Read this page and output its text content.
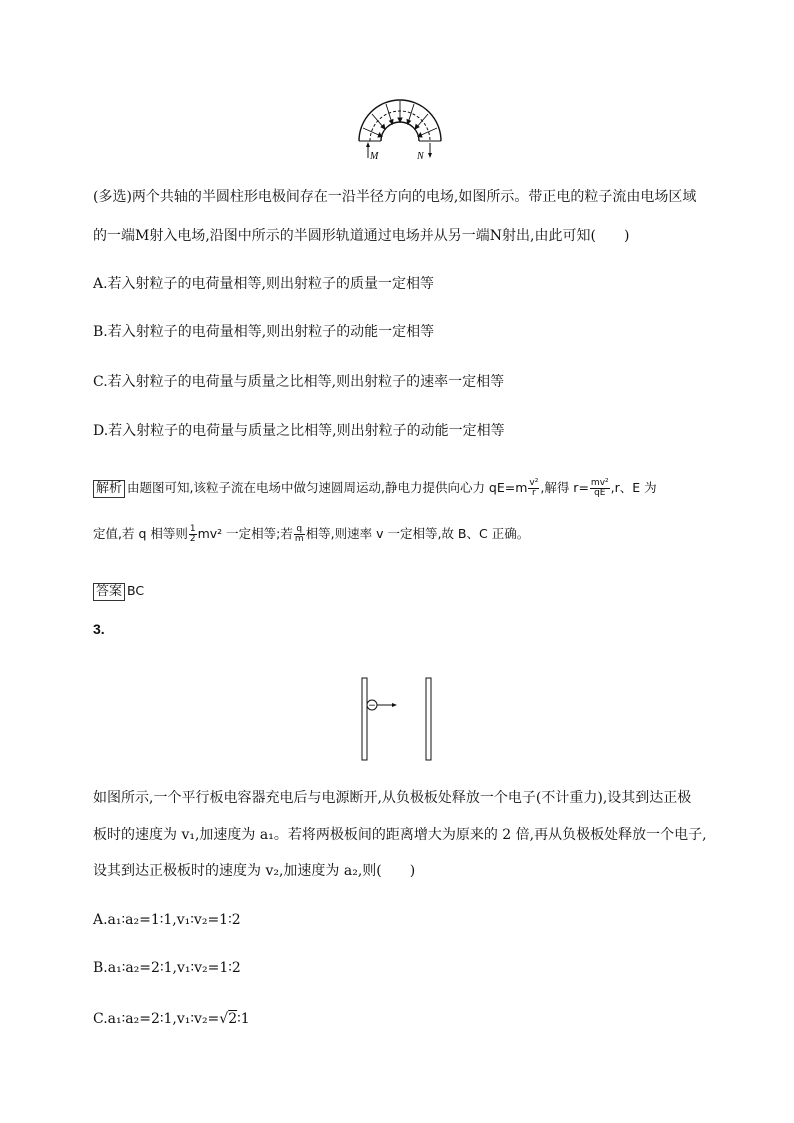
M	N
(多选)两个共轴的半圆柱形电极间存在一沿半径方向的电场,如图所示。带正电的粒子流由电场区域
的一端M射入电场,沿图中所示的半圆形轨道通过电场并从另一端N射出,由此可知(　　)
A.若入射粒子的电荷量相等,则出射粒子的质量一定相等
B.若入射粒子的电荷量相等,则出射粒子的动能一定相等
C.若入射粒子的电荷量与质量之比相等,则出射粒子的速率一定相等
D.若入射粒子的电荷量与质量之比相等,则出射粒子的动能一定相等
解析 由题图可知,该粒子流在电场中做匀速圆周运动,静电力提供向心力 $qE=m \frac{\text{v²}}{r}$ ,解得 $r= \frac{\text{mv²}}{qE} ,r$、E 为
定值,若 q 相等则 $\frac{1}{2} mv^2$ 一定相等;若 $\frac{q}{m}$ 相等,则速率 v 一定相等,故 B、C 正确。
答案 BC
3.
−
如图所示,一个平行板电容器充电后与电源断开,从负极板处释放一个电子(不计重力),设其到达正极
板时的速度为 v₁,加速度为 a₁。若将两极板间的距离增大为原来的 2 倍,再从负极板处释放一个电子,
设其到达正极板时的速度为 v₂,加速度为 a₂,则(　　)
A.a₁∶a₂=1∶1,v₁∶v₂=1∶2
B.a₁∶a₂=2∶1,v₁∶v₂=1∶2
C.a₁∶a₂=2∶1,v₁∶v₂=√2∶1
